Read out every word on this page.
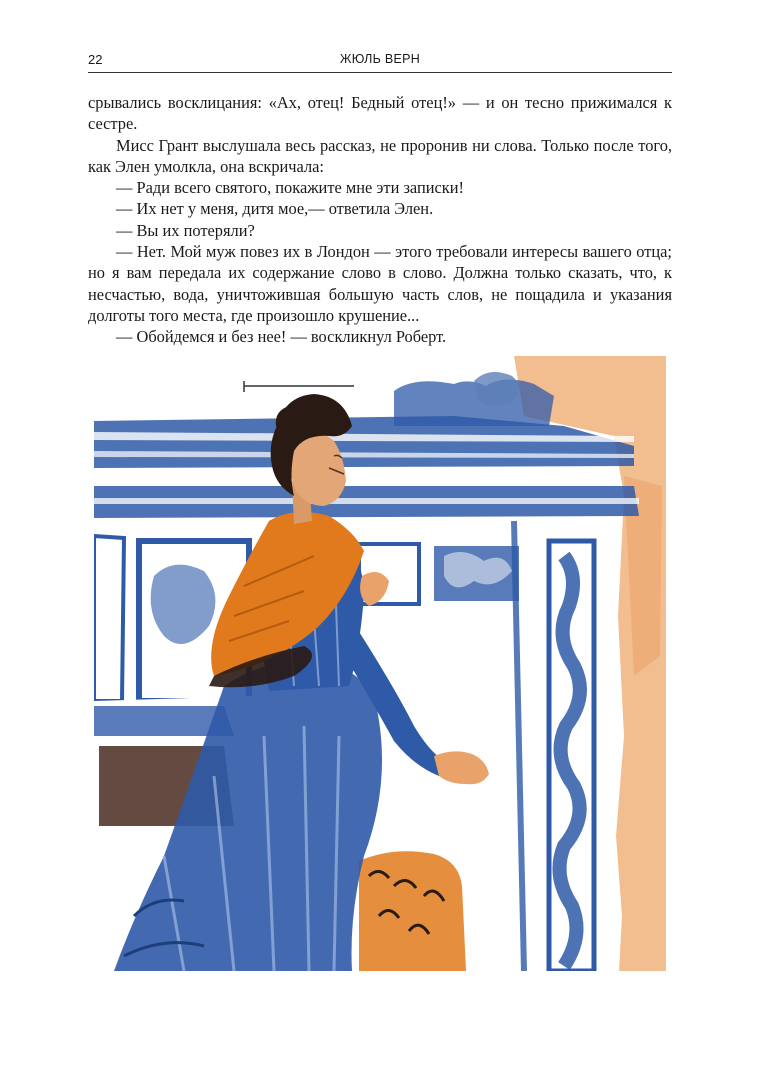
22	ЖЮЛЬ ВЕРН

срывались восклицания: «Ах, отец! Бедный отец!» — и он тесно прижимался к сестре.

Мисс Грант выслушала весь рассказ, не проронив ни слова. Только после того, как Элен умолкла, она вскричала:

— Ради всего святого, покажите мне эти записки!

— Их нет у меня, дитя мое,— ответила Элен.

— Вы их потеряли?

— Нет. Мой муж повез их в Лондон — этого требовали интересы вашего отца; но я вам передала их содержание слово в слово. Должна только сказать, что, к несчастью, вода, уничтожившая большую часть слов, не пощадила и указания долготы того места, где произошло крушение...

— Обойдемся и без нее! — воскликнул Роберт.
